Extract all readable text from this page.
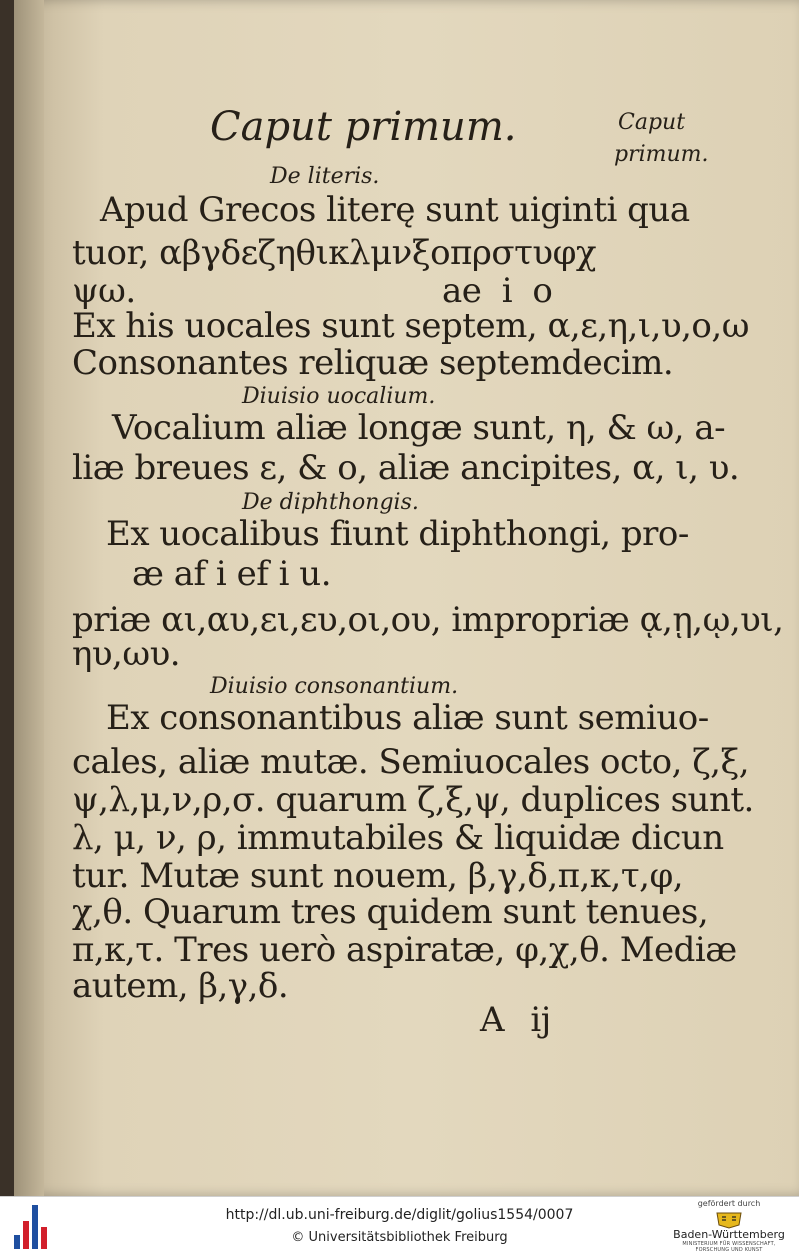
Caput primum.	Caput
primum.
De literis.
Apud Grecos literę sunt uiginti qua
tuor, αβγδεζηθικλμνξοπρστυφχ
ψω.	ae i o
Ex his uocales sunt septem, α,ε,η,ι,υ,ο,ω
Consonantes reliquæ septemdecim.
Diuisio uocalium.
Vocalium aliæ longæ sunt, η, & ω, a-
liæ breues ε, & ο, aliæ ancipites, α, ι, υ.
De diphthongis.
Ex uocalibus fiunt diphthongi, pro-
æ af i ef i u.
priæ αι,αυ,ει,ευ,οι,ου, impropriæ ᾳ,ῃ,ῳ,υι,
ηυ,ωυ.
Diuisio consonantium.
Ex consonantibus aliæ sunt semiuo-
cales, aliæ mutæ. Semiuocales octo, ζ,ξ,
ψ,λ,μ,ν,ρ,σ. quarum ζ,ξ,ψ, duplices sunt.
λ, μ, ν, ρ, immutabiles & liquidæ dicun
tur. Mutæ sunt nouem, β,γ,δ,π,κ,τ,φ,
χ,θ. Quarum tres quidem sunt tenues,
π,κ,τ. Tres uerò aspiratæ, φ,χ,θ. Mediæ
autem, β,γ,δ.
A ij
http://dl.ub.uni-freiburg.de/diglit/golius1554/0007
© Universitätsbibliothek Freiburg
gefördert durch
Baden-Württemberg
MINISTERIUM FÜR WISSENSCHAFT, FORSCHUNG UND KUNST
